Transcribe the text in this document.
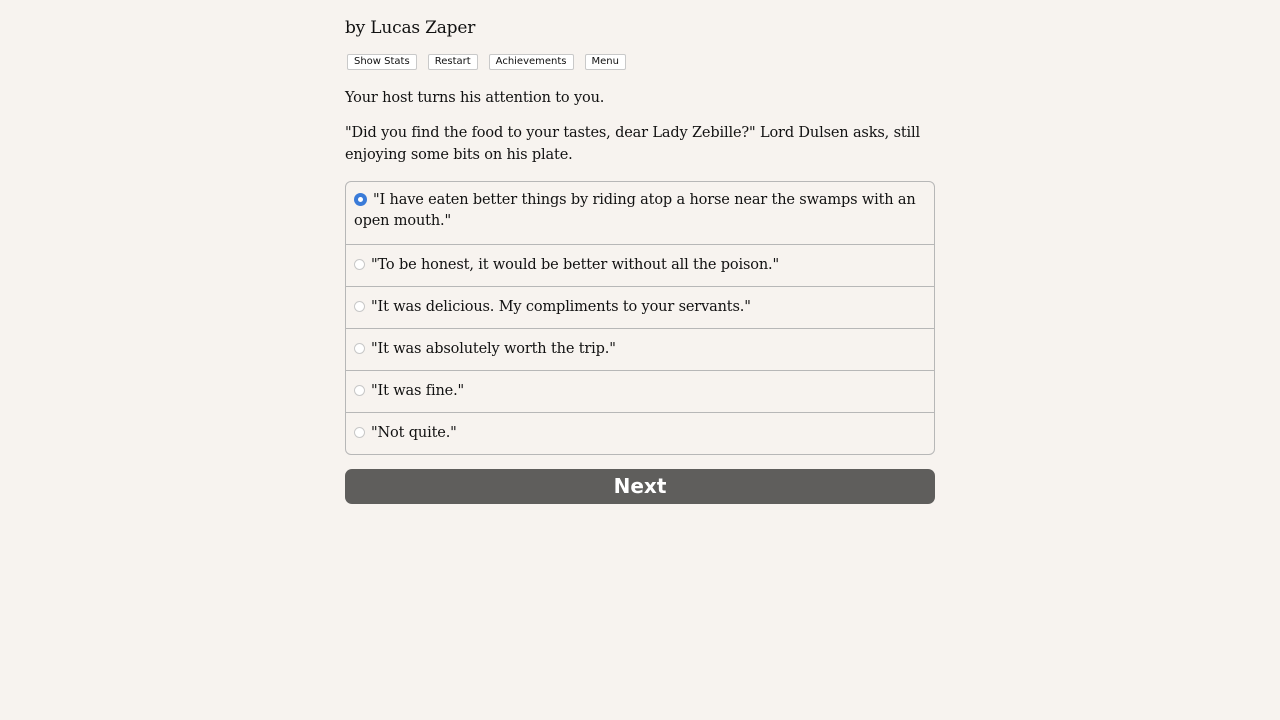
by Lucas Zaper

Show Stats	Restart	Achievements	Menu

Your host turns his attention to you.

"Did you find the food to your tastes, dear Lady Zebille?" Lord Dulsen asks, still enjoying some bits on his plate.

"I have eaten better things by riding atop a horse near the swamps with an open mouth."
"To be honest, it would be better without all the poison."
"It was delicious. My compliments to your servants."
"It was absolutely worth the trip."
"It was fine."
"Not quite."
Next
